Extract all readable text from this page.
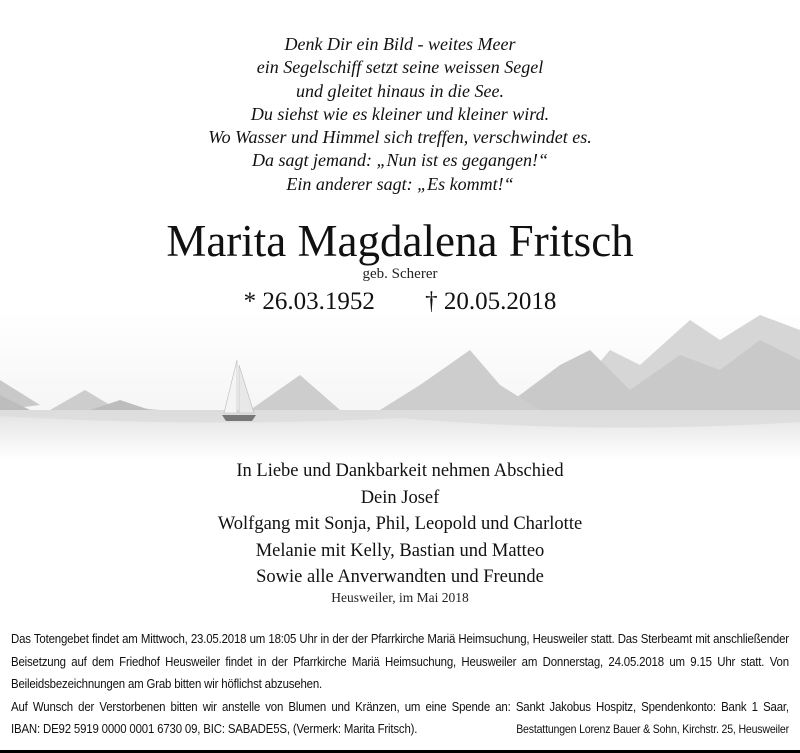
Denk Dir ein Bild - weites Meer
ein Segelschiff setzt seine weissen Segel
und gleitet hinaus in die See.
Du siehst wie es kleiner und kleiner wird.
Wo Wasser und Himmel sich treffen, verschwindet es.
Da sagt jemand: „Nun ist es gegangen!“
Ein anderer sagt: „Es kommt!“
Marita Magdalena Fritsch
geb. Scherer
* 26.03.1952 † 20.05.2018
In Liebe und Dankbarkeit nehmen Abschied
Dein Josef
Wolfgang mit Sonja, Phil, Leopold und Charlotte
Melanie mit Kelly, Bastian und Matteo
Sowie alle Anverwandten und Freunde
Heusweiler, im Mai 2018

Das Totengebet findet am Mittwoch, 23.05.2018 um 18:05 Uhr in der der Pfarrkirche Mariä Heimsuchung, Heusweiler statt. Das Sterbeamt mit anschließender Beisetzung auf dem Friedhof Heusweiler findet in der Pfarrkirche Mariä Heimsuchung, Heusweiler am Donnerstag, 24.05.2018 um 9.15 Uhr statt. Von Beileidsbezeichnungen am Grab bitten wir höflichst abzusehen.

Auf Wunsch der Verstorbenen bitten wir anstelle von Blumen und Kränzen, um eine Spende an: Sankt Jakobus Hospitz, Spendenkonto: Bank 1 Saar,

IBAN: DE92 5919 0000 0001 6730 09, BIC: SABADE5S, (Vermerk: Marita Fritsch).	Bestattungen Lorenz Bauer & Sohn, Kirchstr. 25, Heusweiler
